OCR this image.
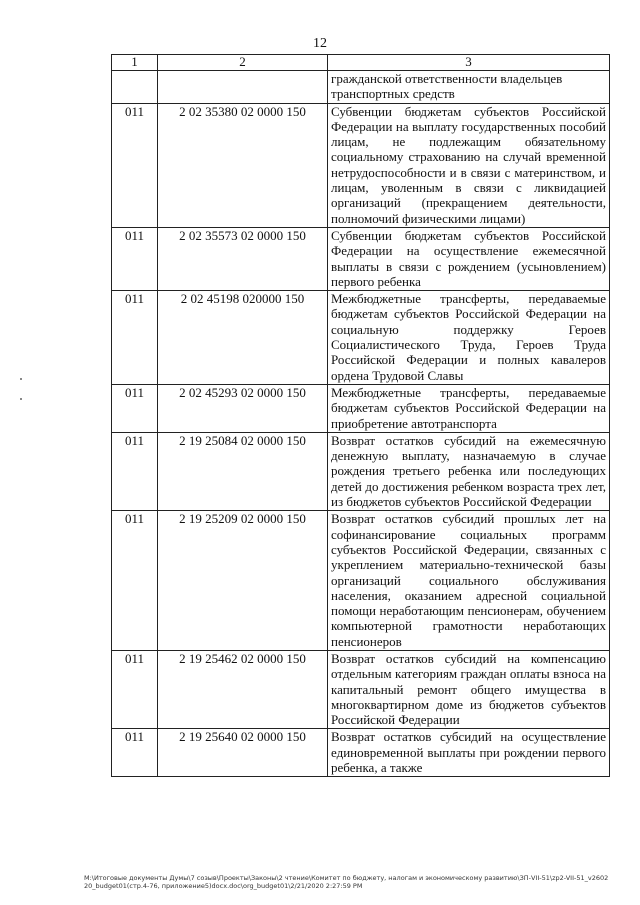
12
1	2	3
		гражданской ответственности владельцев транспортных средств
011	2 02 35380 02 0000 150	Субвенции бюджетам субъектов Российской Федерации на выплату государственных пособий лицам, не подлежащим обязательному социальному страхованию на случай временной нетрудоспособности и в связи с материнством, и лицам, уволенным в связи с ликвидацией организаций (прекращением деятельности, полномочий физическими лицами)
011	2 02 35573 02 0000 150	Субвенции бюджетам субъектов Российской Федерации на осуществление ежемесячной выплаты в связи с рождением (усыновлением) первого ребенка
011	2 02 45198 020000 150	Межбюджетные трансферты, передаваемые бюджетам субъектов Российской Федерации на социальную поддержку Героев Социалистического Труда, Героев Труда Российской Федерации и полных кавалеров ордена Трудовой Славы
011	2 02 45293 02 0000 150	Межбюджетные трансферты, передаваемые бюджетам субъектов Российской Федерации на приобретение автотранспорта
011	2 19 25084 02 0000 150	Возврат остатков субсидий на ежемесячную денежную выплату, назначаемую в случае рождения третьего ребенка или последующих детей до достижения ребенком возраста трех лет, из бюджетов субъектов Российской Федерации
011	2 19 25209 02 0000 150	Возврат остатков субсидий прошлых лет на софинансирование социальных программ субъектов Российской Федерации, связанных с укреплением материально-технической базы организаций социального обслуживания населения, оказанием адресной социальной помощи неработающим пенсионерам, обучением компьютерной грамотности неработающих пенсионеров
011	2 19 25462 02 0000 150	Возврат остатков субсидий на компенсацию отдельным категориям граждан оплаты взноса на капитальный ремонт общего имущества в многоквартирном доме из бюджетов субъектов Российской Федерации
011	2 19 25640 02 0000 150	Возврат остатков субсидий на осуществление единовременной выплаты при рождении первого ребенка, а также
M:\Итоговые документы Думы\7 созыв\Проекты\Законы\2 чтение\Комитет по бюджету, налогам и экономическому развитию\ЗП-VII-51\zp2-VII-51_v260220_budget01(стр.4-76, приложение5)docx.doc\org_budget01\2/21/2020 2:27:59 PM
